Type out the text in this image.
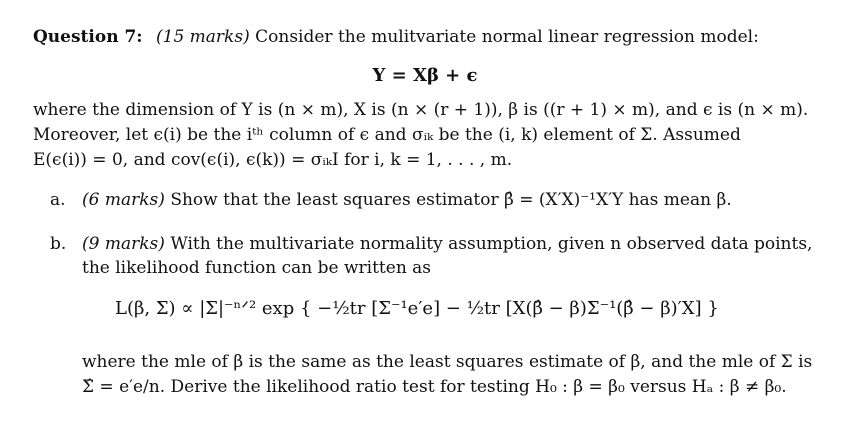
Question 7: (15 marks) Consider the mulitvariate normal linear regression model:
Y = Xβ + ϵ
where the dimension of Y is (n × m), X is (n × (r + 1)), β is ((r + 1) × m), and ϵ is (n × m).
Moreover, let ϵ(i) be the iᵗʰ column of ϵ and σᵢₖ be the (i, k) element of Σ. Assumed
E(ϵ(i)) = 0, and cov(ϵ(i), ϵ(k)) = σᵢₖI for i, k = 1, . . . , m.
a. (6 marks) Show that the least squares estimator β̂ = (X′X)⁻¹X′Y has mean β.
b. (9 marks) With the multivariate normality assumption, given n observed data points,
the likelihood function can be written as
L(β, Σ) ∝ |Σ|⁻ⁿᐟ² exp { −½tr [Σ⁻¹e′e] − ½tr [X(β̂ − β)Σ⁻¹(β̂ − β)′X] }
where the mle of β is the same as the least squares estimate of β, and the mle of Σ is
Σ̂ = e′e/n. Derive the likelihood ratio test for testing H₀ : β = β₀ versus Hₐ : β ≠ β₀.
